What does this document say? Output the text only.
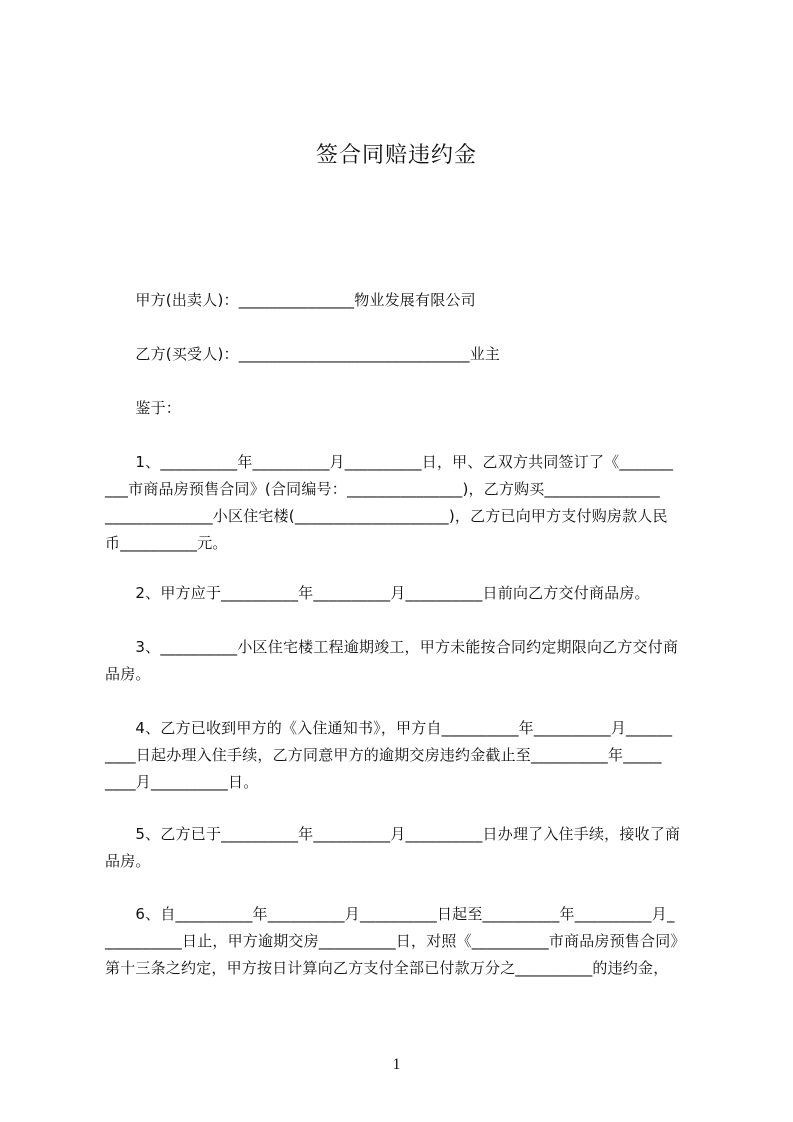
签合同赔违约金
　　甲方(出卖人)：_______________物业发展有限公司
　　乙方(买受人)：______________________________业主
　　鉴于：
　　1、__________年__________月__________日，甲、乙双方共同签订了《_______
___市商品房预售合同》(合同编号：_______________)，乙方购买_______________
______________小区住宅楼(____________________)，乙方已向甲方支付购房款人民
币__________元。
　　2、甲方应于__________年__________月__________日前向乙方交付商品房。
　　3、__________小区住宅楼工程逾期竣工，甲方未能按合同约定期限向乙方交付商
品房。
　　4、乙方已收到甲方的《入住通知书》，甲方自__________年__________月______
____日起办理入住手续，乙方同意甲方的逾期交房违约金截止至__________年_____
____月__________日。
　　5、乙方已于__________年__________月__________日办理了入住手续，接收了商
品房。
　　6、自__________年__________月__________日起至__________年__________月_
__________日止，甲方逾期交房__________日，对照《__________市商品房预售合同》
第十三条之约定，甲方按日计算向乙方支付全部已付款万分之__________的违约金，
1
